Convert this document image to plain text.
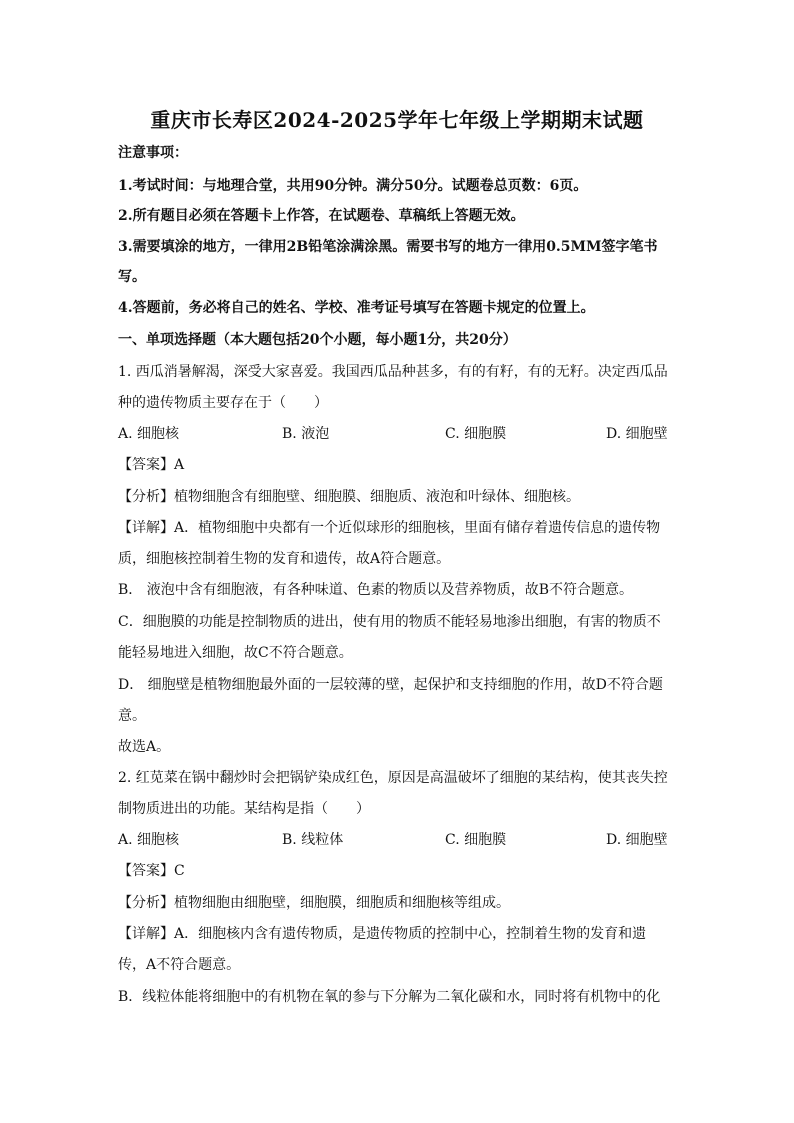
重庆市长寿区2024-2025学年七年级上学期期末试题
注意事项：
1.考试时间：与地理合堂，共用90分钟。满分50分。试题卷总页数：6页。
2.所有题目必须在答题卡上作答，在试题卷、草稿纸上答题无效。
3.需要填涂的地方，一律用2B铅笔涂满涂黑。需要书写的地方一律用0.5MM签字笔书
写。
4.答题前，务必将自己的姓名、学校、准考证号填写在答题卡规定的位置上。
一、单项选择题（本大题包括20个小题，每小题1分，共20分）
1. 西瓜消暑解渴，深受大家喜爱。我国西瓜品种甚多，有的有籽，有的无籽。决定西瓜品
种的遗传物质主要存在于（　　）
A. 细胞核	B. 液泡	C. 细胞膜	D. 细胞壁
【答案】A
【分析】植物细胞含有细胞壁、细胞膜、细胞质、液泡和叶绿体、细胞核。
【详解】A．植物细胞中央都有一个近似球形的细胞核，里面有储存着遗传信息的遗传物
质，细胞核控制着生物的发育和遗传，故A符合题意。
B． 液泡中含有细胞液，有各种味道、色素的物质以及营养物质，故B不符合题意。
C．细胞膜的功能是控制物质的进出，使有用的物质不能轻易地渗出细胞，有害的物质不
能轻易地进入细胞，故C不符合题意。
D． 细胞壁是植物细胞最外面的一层较薄的壁，起保护和支持细胞的作用，故D不符合题
意。
故选A。
2. 红苋菜在锅中翻炒时会把锅铲染成红色，原因是高温破坏了细胞的某结构，使其丧失控
制物质进出的功能。某结构是指（　　）
A. 细胞核	B. 线粒体	C. 细胞膜	D. 细胞壁
【答案】C
【分析】植物细胞由细胞壁，细胞膜，细胞质和细胞核等组成。
【详解】A．细胞核内含有遗传物质，是遗传物质的控制中心，控制着生物的发育和遗
传，A不符合题意。
B．线粒体能将细胞中的有机物在氧的参与下分解为二氧化碳和水，同时将有机物中的化
